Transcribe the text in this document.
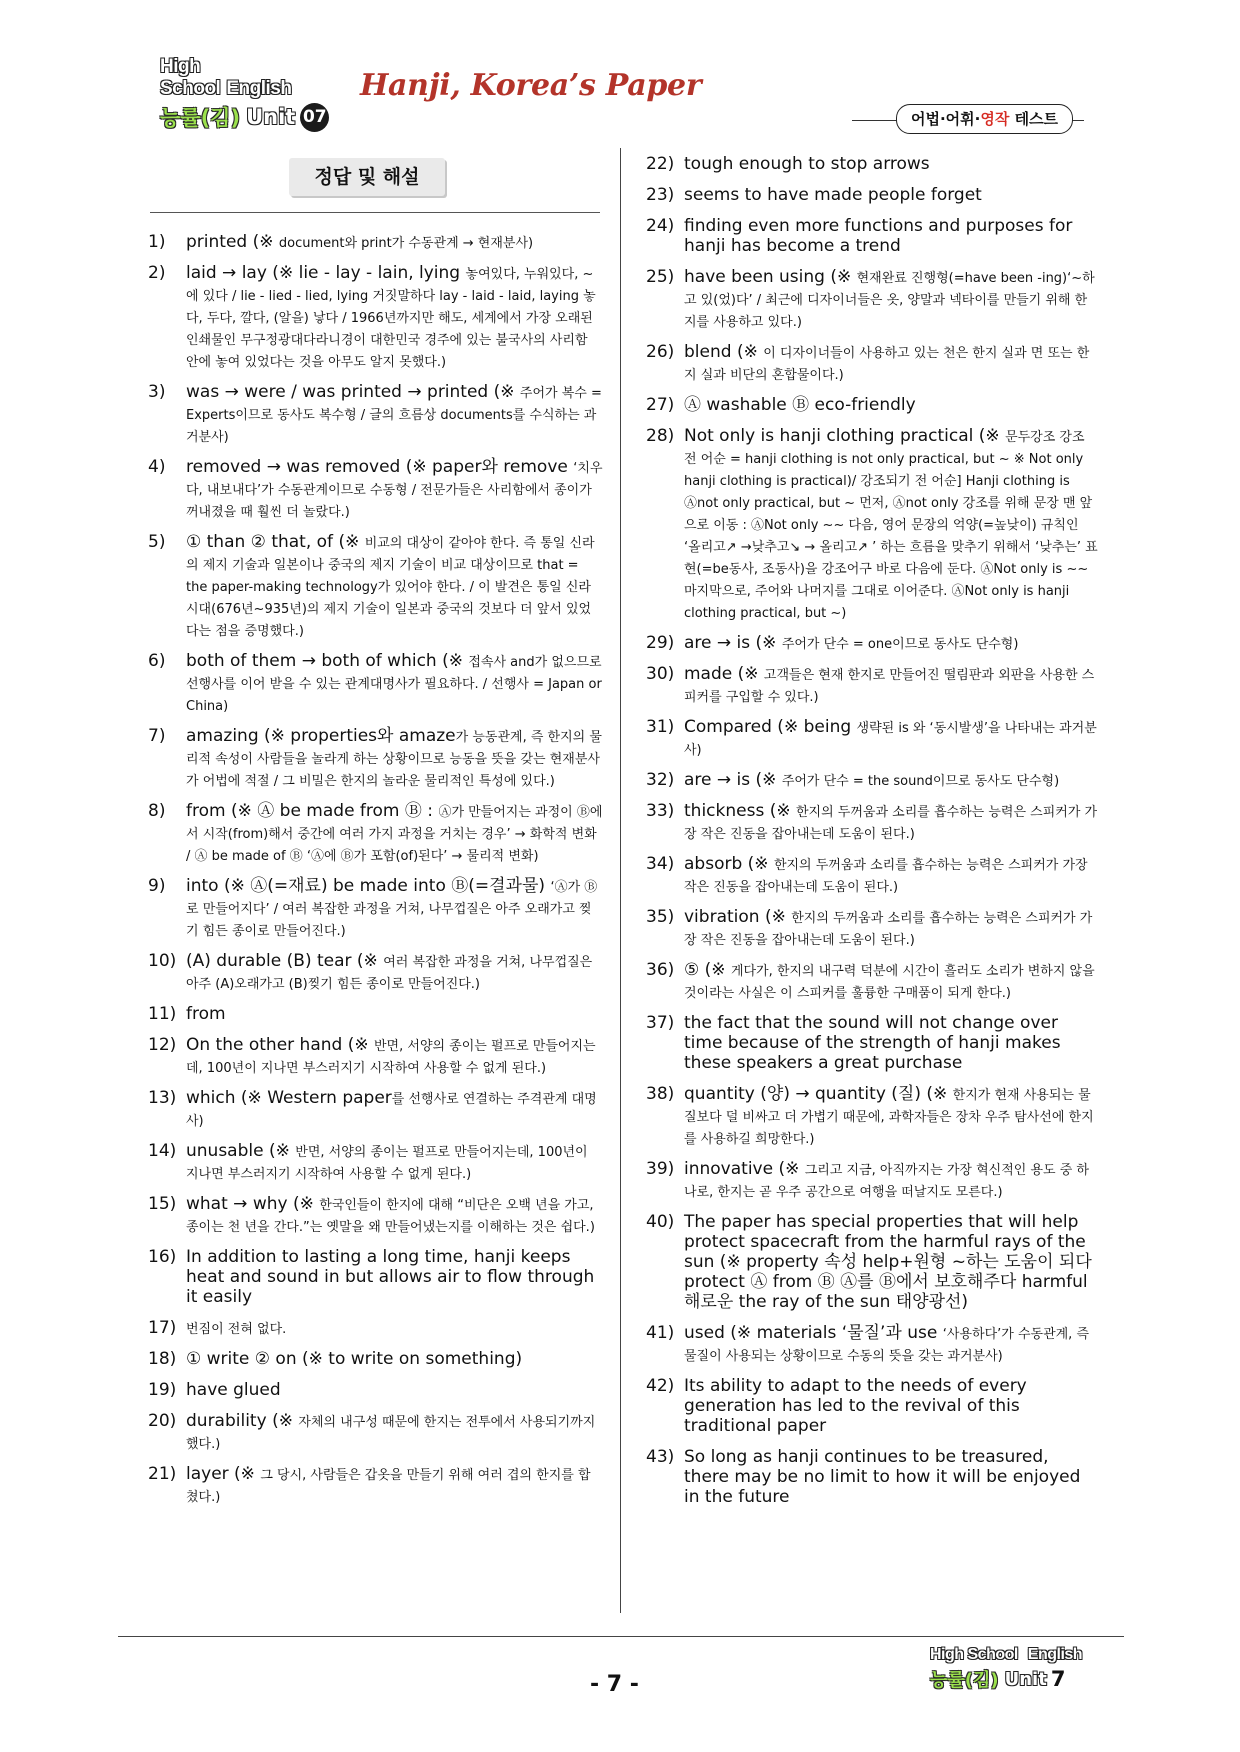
High School English
능률(김) Unit 07
Hanji, Korea’s Paper
어법·어휘·영작 테스트
정답 및 해설
1) printed (※ document와 print가 수동관계 → 현재분사)
2) laid → lay (※ lie - lay - lain, lying 놓여있다, 누워있다, ~에 있다 / lie - lied - lied, lying 거짓말하다 lay - laid - laid, laying 놓다, 두다, 깔다, (알을) 낳다 / 1966년까지만 해도, 세계에서 가장 오래된 인쇄물인 무구정광대다라니경이 대한민국 경주에 있는 불국사의 사리함 안에 놓여 있었다는 것을 아무도 알지 못했다.)
3) was → were / was printed → printed (※ 주어가 복수 = Experts이므로 동사도 복수형 / 글의 흐름상 documents를 수식하는 과거분사)
4) removed → was removed (※ paper와 remove ‘치우다, 내보내다’가 수동관계이므로 수동형 / 전문가들은 사리함에서 종이가 꺼내졌을 때 훨씬 더 놀랐다.)
5) ① than ② that, of (※ 비교의 대상이 같아야 한다. 즉 통일 신라의 제지 기술과 일본이나 중국의 제지 기술이 비교 대상이므로 that = the paper-making technology가 있어야 한다. / 이 발견은 통일 신라 시대(676년~935년)의 제지 기술이 일본과 중국의 것보다 더 앞서 있었다는 점을 증명했다.)
6) both of them → both of which (※ 접속사 and가 없으므로 선행사를 이어 받을 수 있는 관계대명사가 필요하다. / 선행사 = Japan or China)
7) amazing (※ properties와 amaze가 능동관계, 즉 한지의 물리적 속성이 사람들을 놀라게 하는 상황이므로 능동을 뜻을 갖는 현재분사가 어법에 적절 / 그 비밀은 한지의 놀라운 물리적인 특성에 있다.)
8) from (※ Ⓐ be made from Ⓑ : Ⓐ가 만들어지는 과정이 Ⓑ에서 시작(from)해서 중간에 여러 가지 과정을 거치는 경우’ → 화학적 변화 / Ⓐ be made of Ⓑ ‘Ⓐ에 Ⓑ가 포함(of)된다’ → 물리적 변화)
9) into (※ Ⓐ(=재료) be made into Ⓑ(=결과물) ‘Ⓐ가 Ⓑ로 만들어지다’ / 여러 복잡한 과정을 거쳐, 나무껍질은 아주 오래가고 찢기 힘든 종이로 만들어진다.)
10) (A) durable (B) tear (※ 여러 복잡한 과정을 거쳐, 나무껍질은 아주 (A)오래가고 (B)찢기 힘든 종이로 만들어진다.)
11) from
12) On the other hand (※ 반면, 서양의 종이는 펄프로 만들어지는데, 100년이 지나면 부스러지기 시작하여 사용할 수 없게 된다.)
13) which (※ Western paper를 선행사로 연결하는 주격관계 대명사)
14) unusable (※ 반면, 서양의 종이는 펄프로 만들어지는데, 100년이 지나면 부스러지기 시작하여 사용할 수 없게 된다.)
15) what → why (※ 한국인들이 한지에 대해 “비단은 오백 년을 가고, 종이는 천 년을 간다.”는 옛말을 왜 만들어냈는지를 이해하는 것은 쉽다.)
16) In addition to lasting a long time, hanji keeps heat and sound in but allows air to flow through it easily
17) 번짐이 전혀 없다.
18) ① write ② on (※ to write on something)
19) have glued
20) durability (※ 자체의 내구성 때문에 한지는 전투에서 사용되기까지 했다.)
21) layer (※ 그 당시, 사람들은 갑옷을 만들기 위해 여러 겹의 한지를 합쳤다.)
22) tough enough to stop arrows
23) seems to have made people forget
24) finding even more functions and purposes for hanji has become a trend
25) have been using (※ 현재완료 진행형(=have been -ing)‘~하고 있(었)다’ / 최근에 디자이너들은 옷, 양말과 넥타이를 만들기 위해 한지를 사용하고 있다.)
26) blend (※ 이 디자이너들이 사용하고 있는 천은 한지 실과 면 또는 한지 실과 비단의 혼합물이다.)
27) Ⓐ washable Ⓑ eco-friendly
28) Not only is hanji clothing practical (※ 문두강조 강조 전 어순 = hanji clothing is not only practical, but ~ ※ Not only hanji clothing is practical)/ 강조되기 전 어순] Hanji clothing is Ⓐnot only practical, but ~ 먼저, Ⓐnot only 강조를 위해 문장 맨 앞으로 이동 : ⒶNot only ~~ 다음, 영어 문장의 억양(=높낮이) 규칙인 ‘올리고↗ →낮추고↘ → 올리고↗ ’ 하는 흐름을 맞추기 위해서 ‘낮추는’ 표현(=be동사, 조동사)을 강조어구 바로 다음에 둔다. ⒶNot only is ~~마지막으로, 주어와 나머지를 그대로 이어준다. ⒶNot only is hanji clothing practical, but ~)
29) are → is (※ 주어가 단수 = one이므로 동사도 단수형)
30) made (※ 고객들은 현재 한지로 만들어진 떨림판과 외판을 사용한 스피커를 구입할 수 있다.)
31) Compared (※ being 생략된 is 와 ‘동시발생’을 나타내는 과거분사)
32) are → is (※ 주어가 단수 = the sound이므로 동사도 단수형)
33) thickness (※ 한지의 두꺼움과 소리를 흡수하는 능력은 스피커가 가장 작은 진동을 잡아내는데 도움이 된다.)
34) absorb (※ 한지의 두꺼움과 소리를 흡수하는 능력은 스피커가 가장 작은 진동을 잡아내는데 도움이 된다.)
35) vibration (※ 한지의 두꺼움과 소리를 흡수하는 능력은 스피커가 가장 작은 진동을 잡아내는데 도움이 된다.)
36) ⑤ (※ 게다가, 한지의 내구력 덕분에 시간이 흘러도 소리가 변하지 않을 것이라는 사실은 이 스피커를 훌륭한 구매품이 되게 한다.)
37) the fact that the sound will not change over time because of the strength of hanji makes these speakers a great purchase
38) quantity (양) → quantity (질) (※ 한지가 현재 사용되는 물질보다 덜 비싸고 더 가볍기 때문에, 과학자들은 장차 우주 탐사선에 한지를 사용하길 희망한다.)
39) innovative (※ 그리고 지금, 아직까지는 가장 혁신적인 용도 중 하나로, 한지는 곧 우주 공간으로 여행을 떠날지도 모른다.)
40) The paper has special properties that will help protect spacecraft from the harmful rays of the sun (※ property 속성 help+원형 ~하는 도움이 되다 protect Ⓐ from Ⓑ Ⓐ를 Ⓑ에서 보호해주다 harmful 해로운 the ray of the sun 태양광선)
41) used (※ materials ‘물질’과 use ‘사용하다’가 수동관계, 즉 물질이 사용되는 상황이므로 수동의 뜻을 갖는 과거분사)
42) Its ability to adapt to the needs of every generation has led to the revival of this traditional paper
43) So long as hanji continues to be treasured, there may be no limit to how it will be enjoyed in the future
- 7 -
High School English
능률(김) Unit 7
